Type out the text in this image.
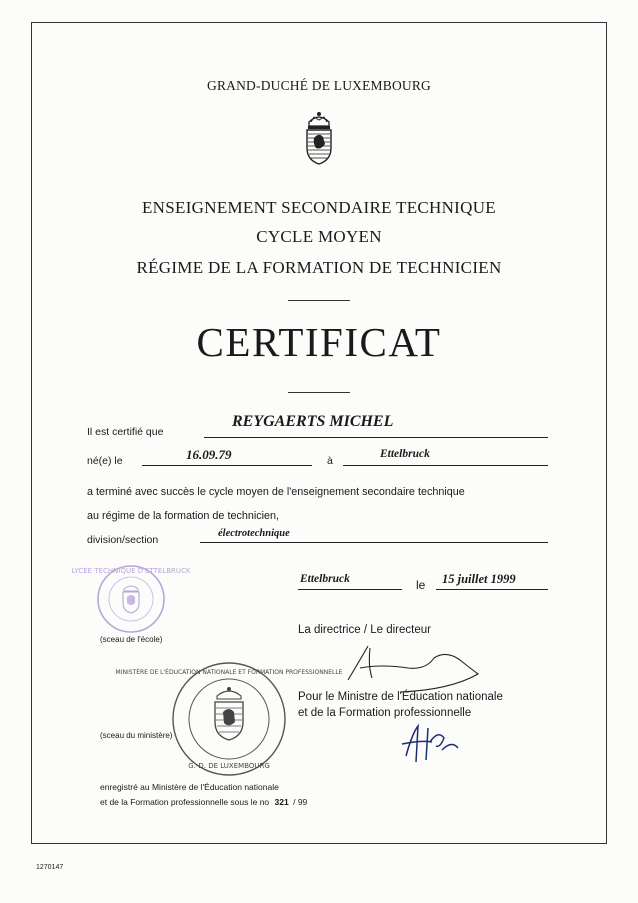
GRAND-DUCHÉ DE LUXEMBOURG
ENSEIGNEMENT SECONDAIRE TECHNIQUE
CYCLE MOYEN
RÉGIME DE LA FORMATION DE TECHNICIEN
CERTIFICAT
Il est certifié que
REYGAERTS MICHEL
né(e) le	16.09.79	à
Ettelbruck
a terminé avec succès le cycle moyen de l'enseignement secondaire technique
au régime de la formation de technicien,
division/section
électrotechnique
LYCÉE TECHNIQUE D'ETTELBRUCK
(sceau de l'école)
Ettelbruck	le 15 juillet 1999
La directrice / Le directeur
MINISTÈRE DE L'ÉDUCATION NATIONALE ET FORMATION PROFESSIONNELLE
G.-D. DE LUXEMBOURG
(sceau du ministère)
Pour le Ministre de l'Éducation nationale
et de la Formation professionnelle
enregistré au Ministère de l'Éducation nationale
et de la Formation professionnelle sous le no 321 / 99
1270147
